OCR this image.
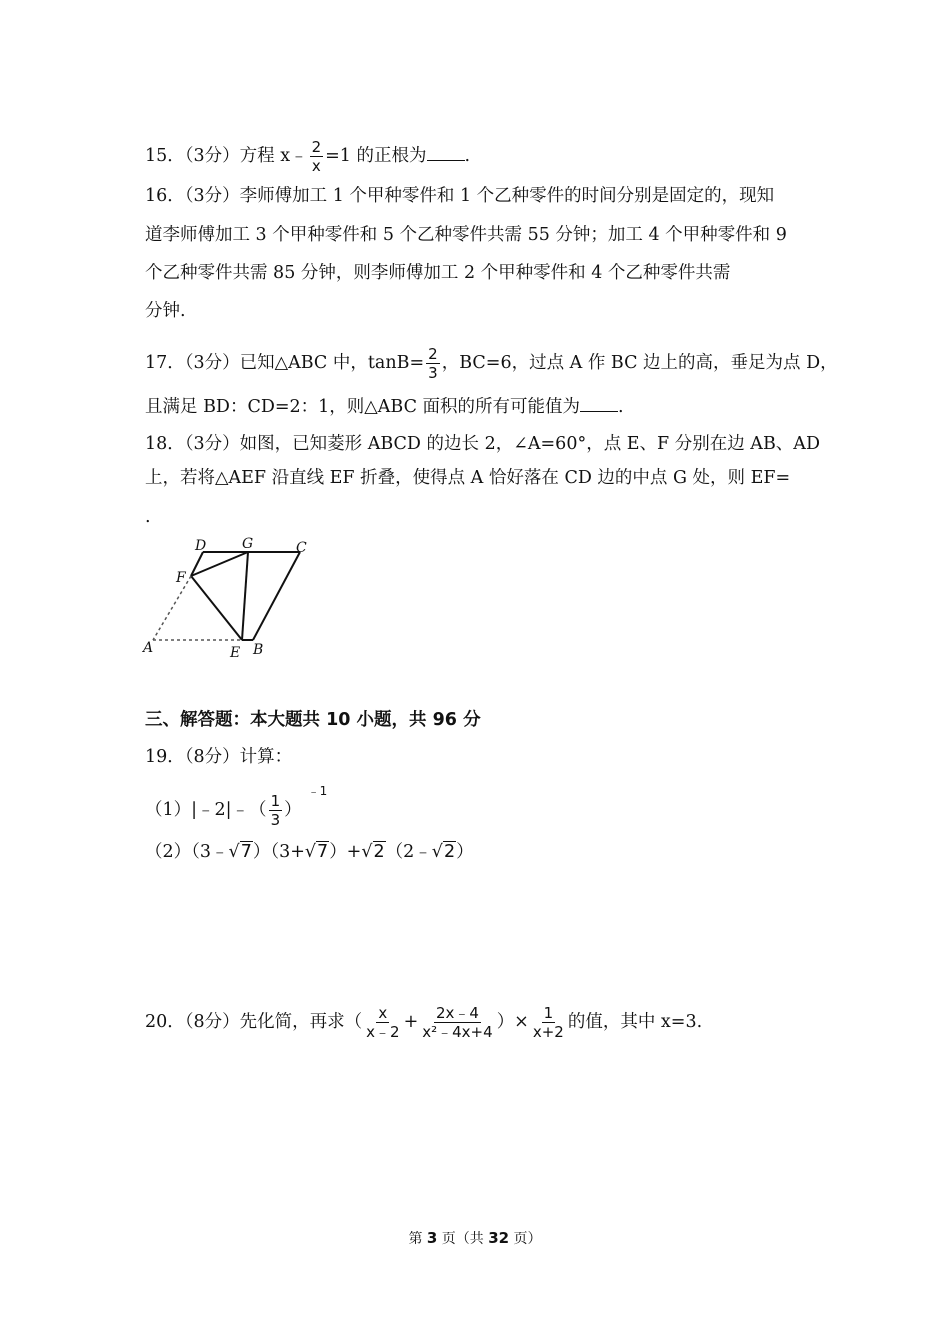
15．（3分）方程 x﹣ $\frac{2}{x} =1$ 的正根为 .
16．（3分）李师傅加工 1 个甲种零件和 1 个乙种零件的时间分别是固定的，现知
道李师傅加工 3 个甲种零件和 5 个乙种零件共需 55 分钟；加工 4 个甲种零件和 9
个乙种零件共需 85 分钟，则李师傅加工 2 个甲种零件和 4 个乙种零件共需
分钟.
17．（3分）已知△ABC 中，$\tan B= \frac{2}{3}$ ，BC=6，过点 A 作 BC 边上的高，垂足为点 D，
且满足 BD：CD=2：1，则△ABC 面积的所有可能值为 .
18．（3分）如图，已知菱形 ABCD 的边长 2，∠A=60°，点 E、F 分别在边 AB、AD
上，若将△AEF 沿直线 EF 折叠，使得点 A 恰好落在 CD 边的中点 G 处，则 EF=
.
D	G	C
F
A	E B
三、解答题：本大题共 10 小题，共 96 分
19．（8分）计算：
（1）|﹣2|﹣（ $\frac{1}{3} )^{﹣1}$
（2）（3﹣√7）（3+√7）+√2（2﹣√2）
20．（8分）先化简，再求（ $\frac{x}{x﹣2} + \frac{2x﹣4}{\text{x²﹣4x+4}}$ ）× $\frac{1}{x+2}$ 的值，其中 x=3.
第 3 页（共 32 页）
